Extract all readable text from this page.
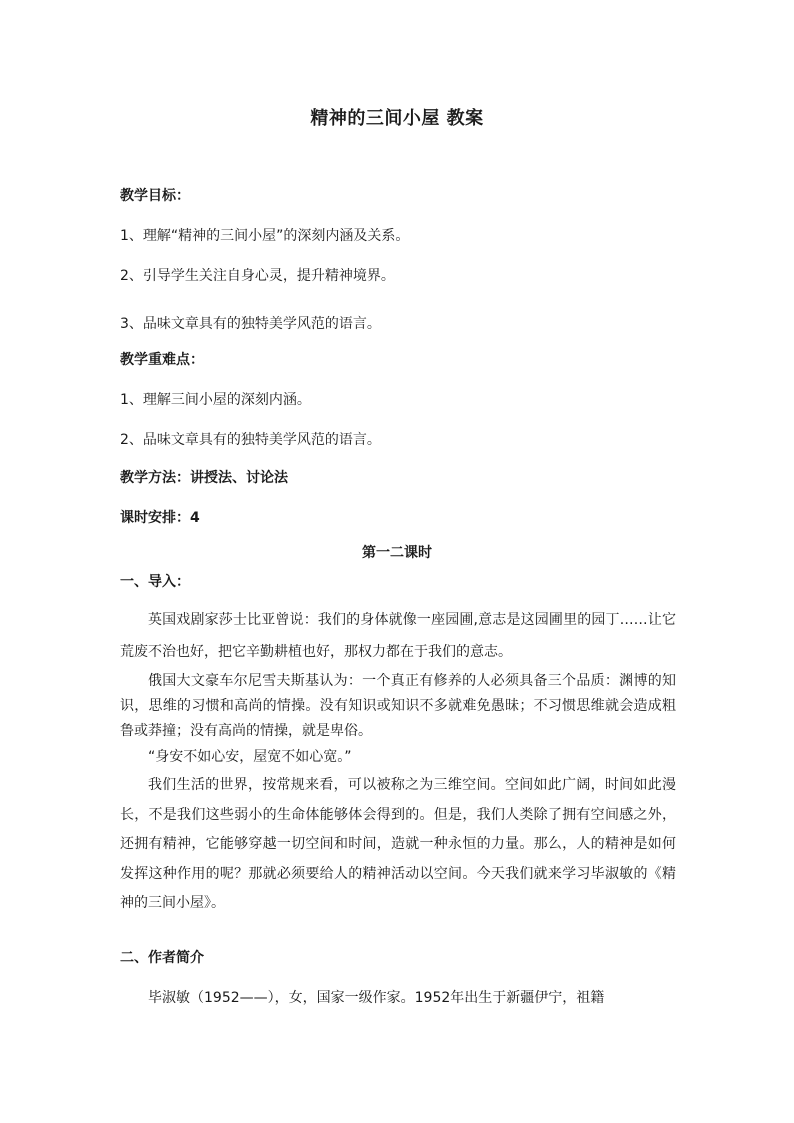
精神的三间小屋 教案
教学目标：
1、理解“精神的三间小屋”的深刻内涵及关系。
2、引导学生关注自身心灵，提升精神境界。
3、品味文章具有的独特美学风范的语言。
教学重难点：
1、理解三间小屋的深刻内涵。
2、品味文章具有的独特美学风范的语言。
教学方法：讲授法、讨论法
课时安排：4
第一二课时
一、导入：
英国戏剧家莎士比亚曾说：我们的身体就像一座园圃,意志是这园圃里的园丁……让它荒废不治也好，把它辛勤耕植也好，那权力都在于我们的意志。
俄国大文豪车尔尼雪夫斯基认为：一个真正有修养的人必须具备三个品质：渊博的知识，思维的习惯和高尚的情操。没有知识或知识不多就难免愚昧；不习惯思维就会造成粗鲁或莽撞；没有高尚的情操，就是卑俗。
“身安不如心安，屋宽不如心宽。”
我们生活的世界，按常规来看，可以被称之为三维空间。空间如此广阔，时间如此漫长，不是我们这些弱小的生命体能够体会得到的。但是，我们人类除了拥有空间感之外，还拥有精神，它能够穿越一切空间和时间，造就一种永恒的力量。那么，人的精神是如何发挥这种作用的呢？那就必须要给人的精神活动以空间。今天我们就来学习毕淑敏的《精神的三间小屋》。
二、作者简介
毕淑敏（1952——），女，国家一级作家。1952年出生于新疆伊宁，祖籍
